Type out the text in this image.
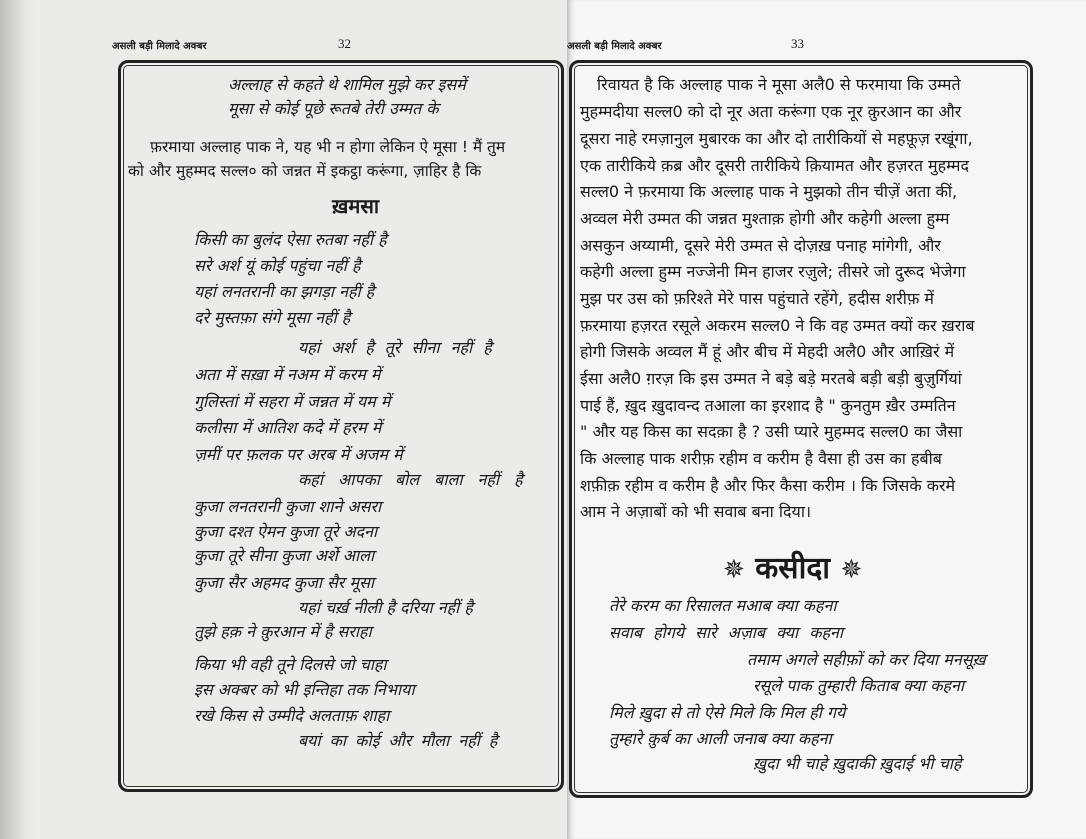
असली बड़ी मिलादे अक्बर	32
अल्लाह से कहते थे शामिल मुझे कर इसमें
मूसा से कोई पूछे रूतबे तेरी उम्मत के
फ़रमाया अल्लाह पाक ने, यह भी न होगा लेकिन ऐ मूसा ! मैं तुम
को और मुहम्मद सल्ल० को जन्नत में इकट्ठा करूंगा, ज़ाहिर है कि
ख़मसा
किसी का बुलंद ऐसा रुतबा नहीं है
सरे अर्श यूं कोई पहुंचा नहीं है
यहां लनतरानी का झगड़ा नहीं है
दरे मुस्तफ़ा संगे मूसा नहीं है
यहां अर्श है तूरे सीना नहीं है
अता में सख़ा में नअम में करम में
गुलिस्तां में सहरा में जन्नत में यम में
कलीसा में आतिश कदे में हरम में
ज़मीं पर फ़लक पर अरब में अजम में
कहां आपका बोल बाला नहीं है
कुजा लनतरानी कुजा शाने असरा
कुजा दश्त ऐमन कुजा तूरे अदना
कुजा तूरे सीना कुजा अर्शे आला
कुजा सैर अहमद कुजा सैर मूसा
यहां चर्ख़ नीली है दरिया नहीं है
तुझे हक़ ने क़ुरआन में है सराहा
किया भी वही तूने दिलसे जो चाहा
इस अक्बर को भी इन्तिहा तक निभाया
रखे किस से उम्मीदे अलताफ़ शाहा
बयां का कोई और मौला नहीं है
असली बड़ी मिलादे अक्बर	33
रिवायत है कि अल्लाह पाक ने मूसा अलै0 से फरमाया कि उम्मते
मुहम्मदीया सल्ल0 को दो नूर अता करूंगा एक नूर क़ुरआन का और
दूसरा नाहे रमज़ानुल मुबारक का और दो तारीकियों से महफ़ूज़ रखूंगा,
एक तारीकिये क़ब्र और दूसरी तारीकिये क़ियामत और हज़रत मुहम्मद
सल्ल0 ने फ़रमाया कि अल्लाह पाक ने मुझको तीन चीज़ें अता कीं,
अव्वल मेरी उम्मत की जन्नत मुश्ताक़ होगी और कहेगी अल्ला हुम्म
असकुन अय्यामी, दूसरे मेरी उम्मत से दोज़ख़ पनाह मांगेगी, और
कहेगी अल्ला हुम्म नज्जेनी मिन हाजर रज़ुले; तीसरे जो दुरूद भेजेगा
मुझ पर उस को फ़रिश्ते मेरे पास पहुंचाते रहेंगे, हदीस शरीफ़ में
फ़रमाया हज़रत रसूले अकरम सल्ल0 ने कि वह उम्मत क्यों कर ख़राब
होगी जिसके अव्वल मैं हूं और बीच में मेहदी अलै0 और आख़िरं में
ईसा अलै0 ग़रज़ कि इस उम्मत ने बड़े बड़े मरतबे बड़ी बड़ी बुज़ुर्गियां
पाई हैं, ख़ुद ख़ुदावन्द तआला का इरशाद है " कुनतुम ख़ैर उम्मतिन
" और यह किस का सदक़ा है ? उसी प्यारे मुहम्मद सल्ल0 का जैसा
कि अल्लाह पाक शरीफ़ रहीम व करीम है वैसा ही उस का हबीब
शफ़ीक़ रहीम व करीम है और फिर कैसा करीम । कि जिसके करमे
आम ने अज़ाबों को भी सवाब बना दिया।
✵ कसीदा ✵
तेरे करम का रिसालत मआब क्या कहना
सवाब होगये सारे अज़ाब क्या कहना
तमाम अगले सहीफ़ों को कर दिया मनसूख़
रसूले पाक तुम्हारी किताब क्या कहना
मिले ख़ुदा से तो ऐसे मिले कि मिल ही गये
तुम्हारे क़ुर्ब का आली जनाब क्या कहना
ख़ुदा भी चाहे ख़ुदाकी ख़ुदाई भी चाहे
